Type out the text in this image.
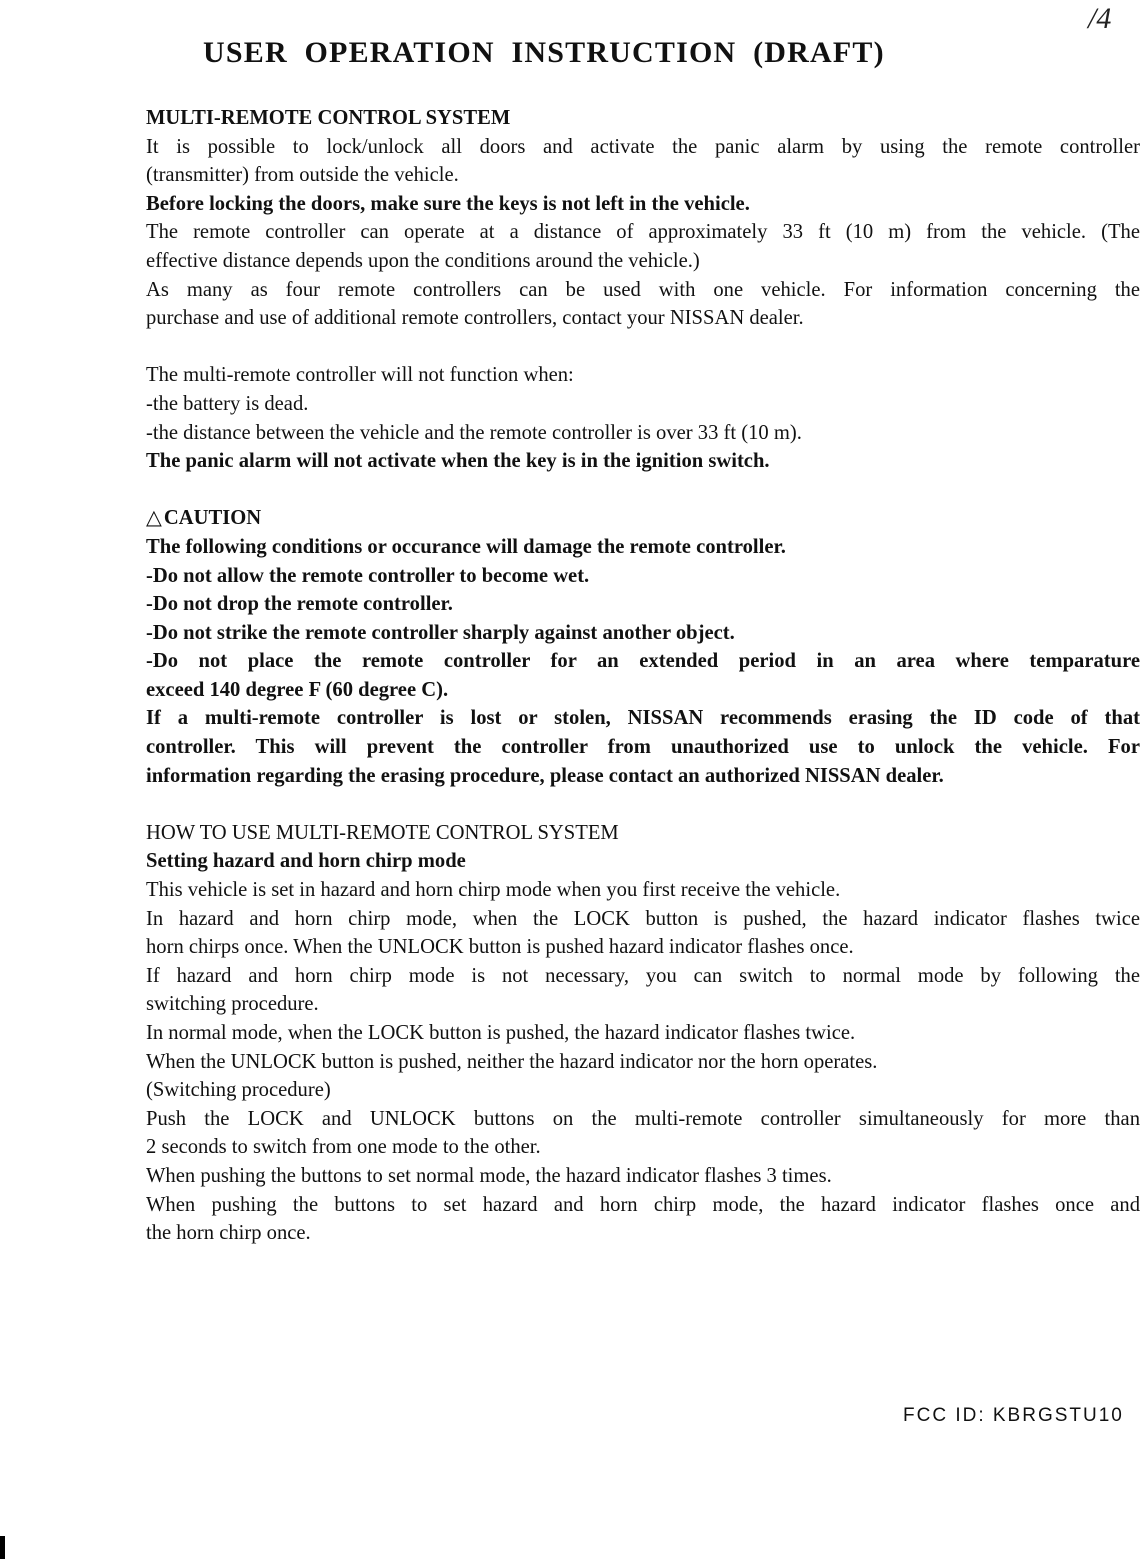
/4
USER OPERATION INSTRUCTION (DRAFT)
MULTI-REMOTE CONTROL SYSTEM
It is possible to lock/unlock all doors and activate the panic alarm by using the remote controller
(transmitter) from outside the vehicle.
Before locking the doors, make sure the keys is not left in the vehicle.
The remote controller can operate at a distance of approximately 33 ft (10 m) from the vehicle. (The
effective distance depends upon the conditions around the vehicle.)
As many as four remote controllers can be used with one vehicle. For information concerning the
purchase and use of additional remote controllers, contact your NISSAN dealer.
The multi-remote controller will not function when:
-the battery is dead.
-the distance between the vehicle and the remote controller is over 33 ft (10 m).
The panic alarm will not activate when the key is in the ignition switch.
△CAUTION
The following conditions or occurance will damage the remote controller.
-Do not allow the remote controller to become wet.
-Do not drop the remote controller.
-Do not strike the remote controller sharply against another object.
-Do not place the remote controller for an extended period in an area where temparature
exceed 140 degree F (60 degree C).
If a multi-remote controller is lost or stolen, NISSAN recommends erasing the ID code of that
controller. This will prevent the controller from unauthorized use to unlock the vehicle. For
information regarding the erasing procedure, please contact an authorized NISSAN dealer.
HOW TO USE MULTI-REMOTE CONTROL SYSTEM
Setting hazard and horn chirp mode
This vehicle is set in hazard and horn chirp mode when you first receive the vehicle.
In hazard and horn chirp mode, when the LOCK button is pushed, the hazard indicator flashes twice
horn chirps once. When the UNLOCK button is pushed hazard indicator flashes once.
If hazard and horn chirp mode is not necessary, you can switch to normal mode by following the
switching procedure.
In normal mode, when the LOCK button is pushed, the hazard indicator flashes twice.
When the UNLOCK button is pushed, neither the hazard indicator nor the horn operates.
(Switching procedure)
Push the LOCK and UNLOCK buttons on the multi-remote controller simultaneously for more than
2 seconds to switch from one mode to the other.
When pushing the buttons to set normal mode, the hazard indicator flashes 3 times.
When pushing the buttons to set hazard and horn chirp mode, the hazard indicator flashes once and
the horn chirp once.
FCC ID: KBRGSTU10
